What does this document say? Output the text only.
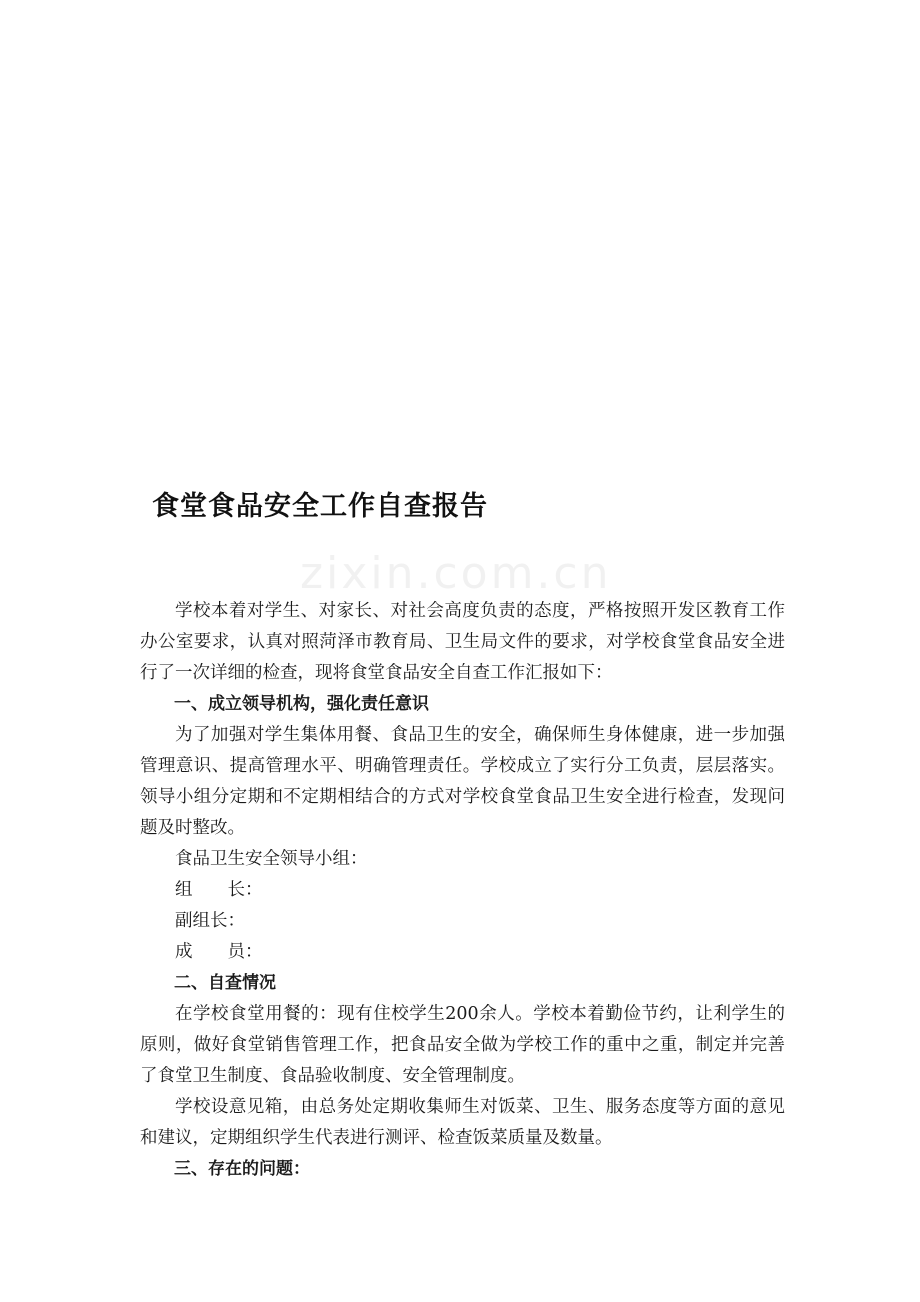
zixin.com.cn
食堂食品安全工作自查报告

学校本着对学生、对家长、对社会高度负责的态度，严格按照开发区教育工作办公室要求，认真对照菏泽市教育局、卫生局文件的要求，对学校食堂食品安全进行了一次详细的检查，现将食堂食品安全自查工作汇报如下：

一、成立领导机构，强化责任意识

为了加强对学生集体用餐、食品卫生的安全，确保师生身体健康，进一步加强管理意识、提高管理水平、明确管理责任。学校成立了实行分工负责，层层落实。领导小组分定期和不定期相结合的方式对学校食堂食品卫生安全进行检查，发现问题及时整改。

食品卫生安全领导小组：

组　　长：

副组长：

成　　员：

二、自查情况

在学校食堂用餐的：现有住校学生200余人。学校本着勤俭节约，让利学生的原则，做好食堂销售管理工作，把食品安全做为学校工作的重中之重，制定并完善了食堂卫生制度、食品验收制度、安全管理制度。

学校设意见箱，由总务处定期收集师生对饭菜、卫生、服务态度等方面的意见和建议，定期组织学生代表进行测评、检查饭菜质量及数量。

三、存在的问题：
